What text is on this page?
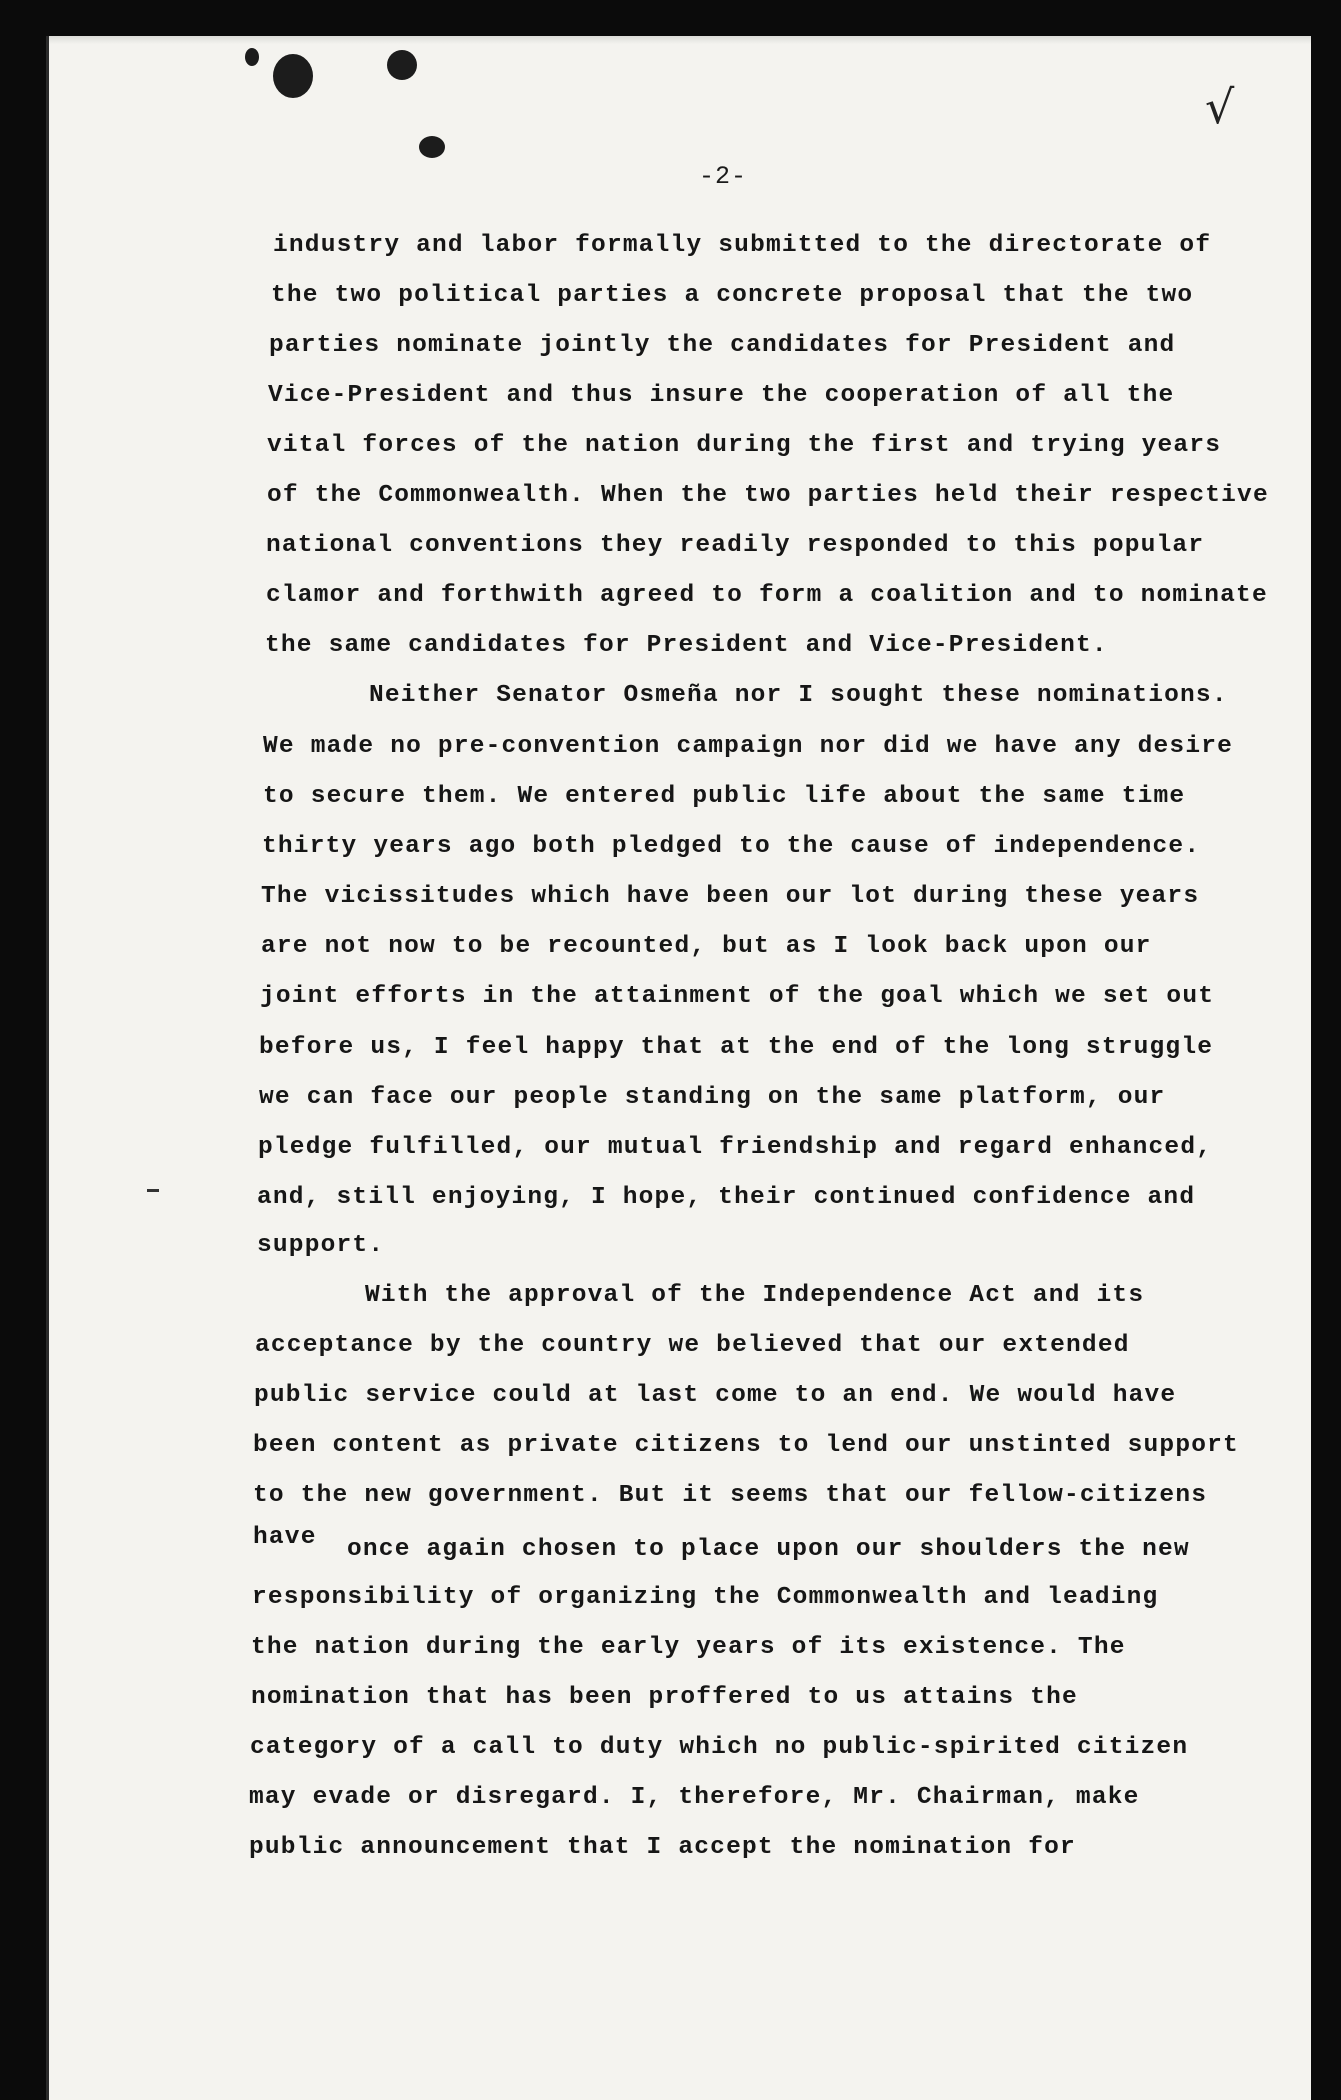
√
-2-
industry and labor formally submitted to the directorate of
the two political parties a concrete proposal that the two
parties nominate jointly the candidates for President and
Vice-President and thus insure the cooperation of all the
vital forces of the nation during the first and trying years
of the Commonwealth. When the two parties held their respective
national conventions they readily responded to this popular
clamor and forthwith agreed to form a coalition and to nominate
the same candidates for President and Vice-President.
Neither Senator Osmeña nor I sought these nominations.
We made no pre-convention campaign nor did we have any desire
to secure them. We entered public life about the same time
thirty years ago both pledged to the cause of independence.
The vicissitudes which have been our lot during these years
are not now to be recounted, but as I look back upon our
joint efforts in the attainment of the goal which we set out
before us, I feel happy that at the end of the long struggle
we can face our people standing on the same platform, our
pledge fulfilled, our mutual friendship and regard enhanced,
and, still enjoying, I hope, their continued confidence and
support.
With the approval of the Independence Act and its
acceptance by the country we believed that our extended
public service could at last come to an end. We would have
been content as private citizens to lend our unstinted support
to the new government. But it seems that our fellow-citizens
have once again chosen to place upon our shoulders the new
responsibility of organizing the Commonwealth and leading
the nation during the early years of its existence. The
nomination that has been proffered to us attains the
category of a call to duty which no public-spirited citizen
may evade or disregard. I, therefore, Mr. Chairman, make
public announcement that I accept the nomination for
